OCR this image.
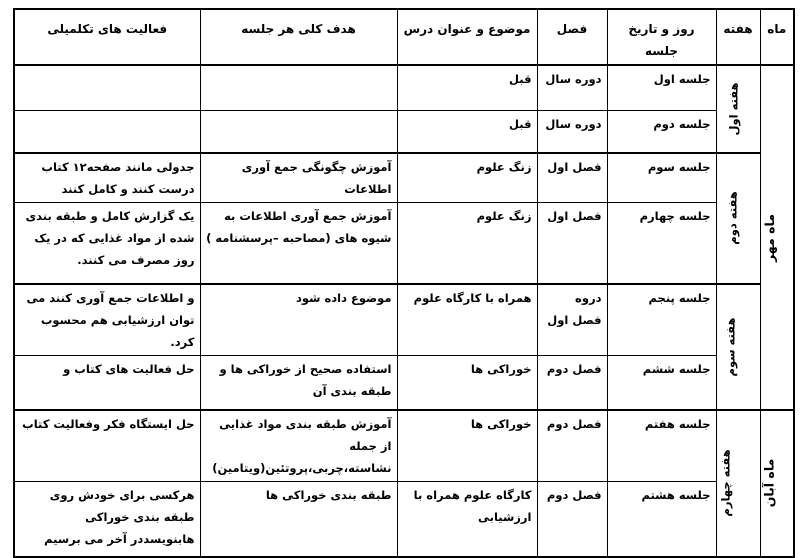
ماه	هفته	روز و تاریخ جلسه	فصل	موضوع و عنوان درس	هدف کلی هر جلسه	فعالیت های تکلمیلی
ماه مهر	هفته اول	جلسه اول	دوره سال	قبل		
		جلسه دوم	دوره سال	قبل		
	هفته دوم	جلسه سوم	فصل اول	زنگ علوم	آموزش چگونگی جمع آوری اطلاعات	جدولی مانند صفحه۱۲ کتاب درست کنند و کامل کنند
		جلسه چهارم	فصل اول	زنگ علوم	آموزش جمع آوری اطلاعات به شیوه های (مصاحبه –پرسشنامه )	یک گزارش کامل و طبقه بندی شده از مواد غذایی که در یک روز مصرف می کنند.
	هفته سوم	جلسه پنجم	دروه فصل اول	همراه با کارگاه علوم	موضوع داده شود	و اطلاعات جمع آوری کنند می توان ارزشیابی هم محسوب کرد.
		جلسه ششم	فصل دوم	خوراکی ها	استفاده صحیح از خوراکی ها و طبقه بندی آن	حل فعالیت های کتاب و
ماه آبان	هفته چهارم	جلسه هفتم	فصل دوم	خوراکی ها	آموزش طبقه بندی مواد غذایی از جمله نشاسته،چربی،پروتئین(ویتامین)	حل ایستگاه فکر وفعالیت کتاب
		جلسه هشتم	فصل دوم	کارگاه علوم همراه با ارزشیابی	طبقه بندی خوراکی ها	هرکسی برای خودش روی طبقه بندی خوراکی هابنویسددر آخر می برسیم
